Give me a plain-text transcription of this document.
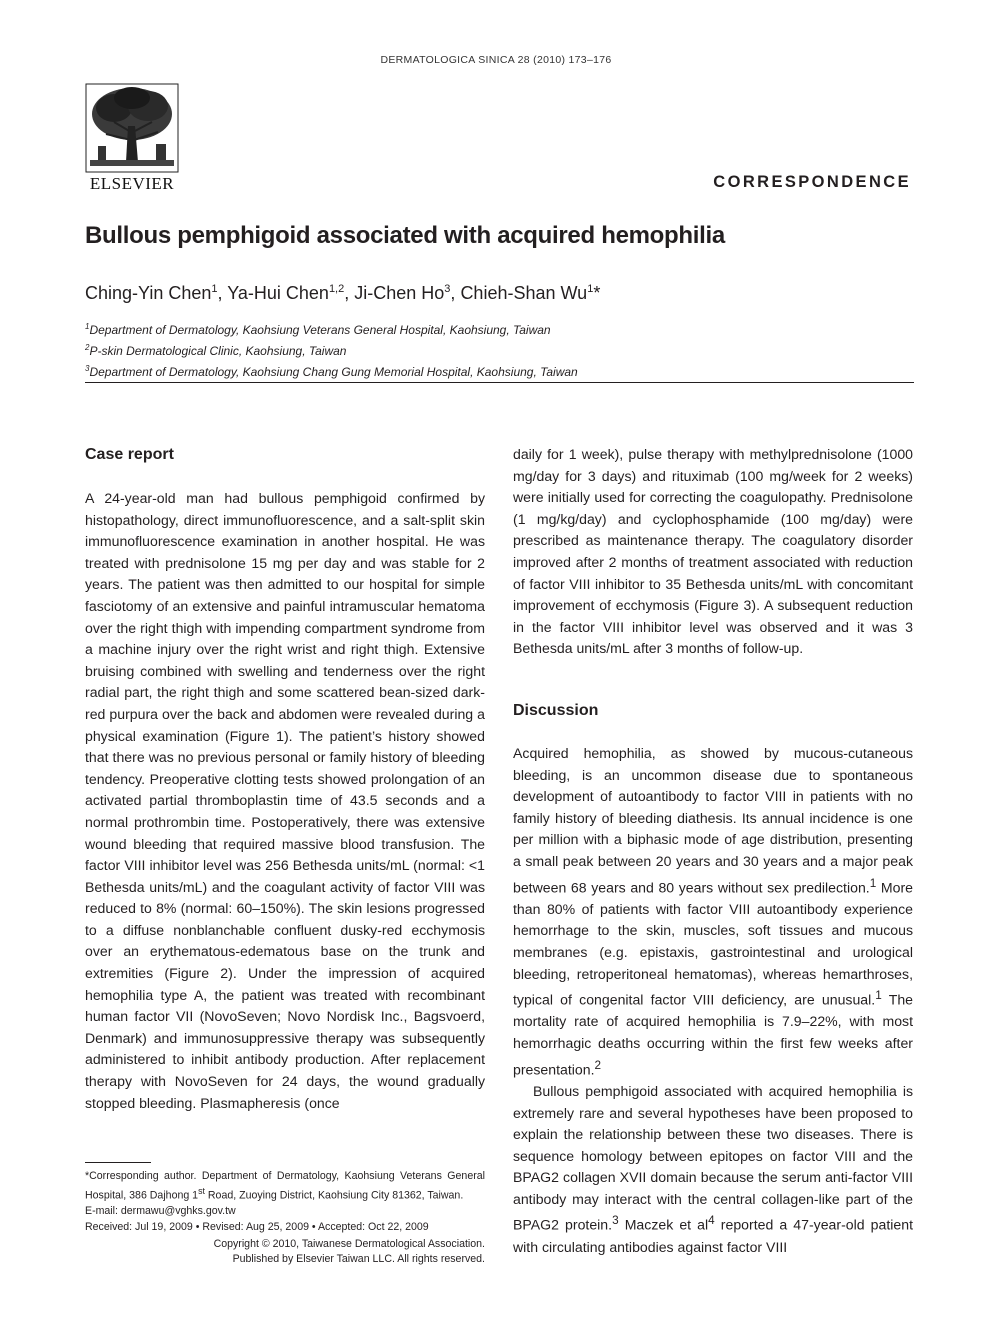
DERMATOLOGICA SINICA 28 (2010) 173–176
ELSEVIER	CORRESPONDENCE
Bullous pemphigoid associated with acquired hemophilia

Ching-Yin Chen$^1$, Ya-Hui Chen$^{1,2}$, Ji-Chen Ho$^3$, Chieh-Shan Wu$^1$*

$^1$Department of Dermatology, Kaohsiung Veterans General Hospital, Kaohsiung, Taiwan
$^2$P-skin Dermatological Clinic, Kaohsiung, Taiwan
$^3$Department of Dermatology, Kaohsiung Chang Gung Memorial Hospital, Kaohsiung, Taiwan
Case report

A 24-year-old man had bullous pemphigoid confirmed by histopathology, direct immunofluorescence, and a salt-split skin immunofluorescence examination in another hospital. He was treated with prednisolone 15 mg per day and was stable for 2 years. The patient was then admitted to our hospital for simple fasciotomy of an extensive and painful intramuscular hematoma over the right thigh with impending compartment syndrome from a machine injury over the right wrist and right thigh. Extensive bruising combined with swelling and tenderness over the right radial part, the right thigh and some scattered bean-sized dark-red purpura over the back and abdomen were revealed during a physical examination (Figure 1). The patient’s history showed that there was no previous personal or family history of bleeding tendency. Preoperative clotting tests showed prolongation of an activated partial thromboplastin time of 43.5 seconds and a normal prothrombin time. Postoperatively, there was extensive wound bleeding that required massive blood transfusion. The factor VIII inhibitor level was 256 Bethesda units/mL (normal: <1 Bethesda units/mL) and the coagulant activity of factor VIII was reduced to 8% (normal: 60–150%). The skin lesions progressed to a diffuse nonblanchable confluent dusky-red ecchymosis over an erythematous-edematous base on the trunk and extremities (Figure 2). Under the impression of acquired hemophilia type A, the patient was treated with recombinant human factor VII (NovoSeven; Novo Nordisk Inc., Bagsvoerd, Denmark) and immunosuppressive therapy was subsequently administered to inhibit antibody production. After replacement therapy with NovoSeven for 24 days, the wound gradually stopped bleeding. Plasmapheresis (once

daily for 1 week), pulse therapy with methylprednisolone (1000 mg/day for 3 days) and rituximab (100 mg/week for 2 weeks) were initially used for correcting the coagulopathy. Prednisolone (1 mg/kg/day) and cyclophosphamide (100 mg/day) were prescribed as maintenance therapy. The coagulatory disorder improved after 2 months of treatment associated with reduction of factor VIII inhibitor to 35 Bethesda units/mL with concomitant improvement of ecchymosis (Figure 3). A subsequent reduction in the factor VIII inhibitor level was observed and it was 3 Bethesda units/mL after 3 months of follow-up.

Discussion

Acquired hemophilia, as showed by mucous-cutaneous bleeding, is an uncommon disease due to spontaneous development of autoantibody to factor VIII in patients with no family history of bleeding diathesis. Its annual incidence is one per million with a biphasic mode of age distribution, presenting a small peak between 20 years and 30 years and a major peak between 68 years and 80 years without sex predilection.$^1$ More than 80% of patients with factor VIII autoantibody experience hemorrhage to the skin, muscles, soft tissues and mucous membranes (e.g. epistaxis, gastrointestinal and urological bleeding, retroperitoneal hematomas), whereas hemarthroses, typical of congenital factor VIII deficiency, are unusual.$^1$ The mortality rate of acquired hemophilia is 7.9–22%, with most hemorrhagic deaths occurring within the first few weeks after presentation.$^2$

Bullous pemphigoid associated with acquired hemophilia is extremely rare and several hypotheses have been proposed to explain the relationship between these two diseases. There is sequence homology between epitopes on factor VIII and the BPAG2 collagen XVII domain because the serum anti-factor VIII antibody may interact with the central collagen-like part of the BPAG2 protein.$^3$ Maczek et $al^4$ reported a 47-year-old patient with circulating antibodies against factor VIII

*Corresponding author. Department of Dermatology, Kaohsiung Veterans General Hospital, 386 Dajhong 1st Road, Zuoying District, Kaohsiung City 81362, Taiwan.

E-mail: dermawu@vghks.gov.tw

Received: Jul 19, 2009 • Revised: Aug 25, 2009 • Accepted: Oct 22, 2009

Copyright © 2010, Taiwanese Dermatological Association.

Published by Elsevier Taiwan LLC. All rights reserved.
